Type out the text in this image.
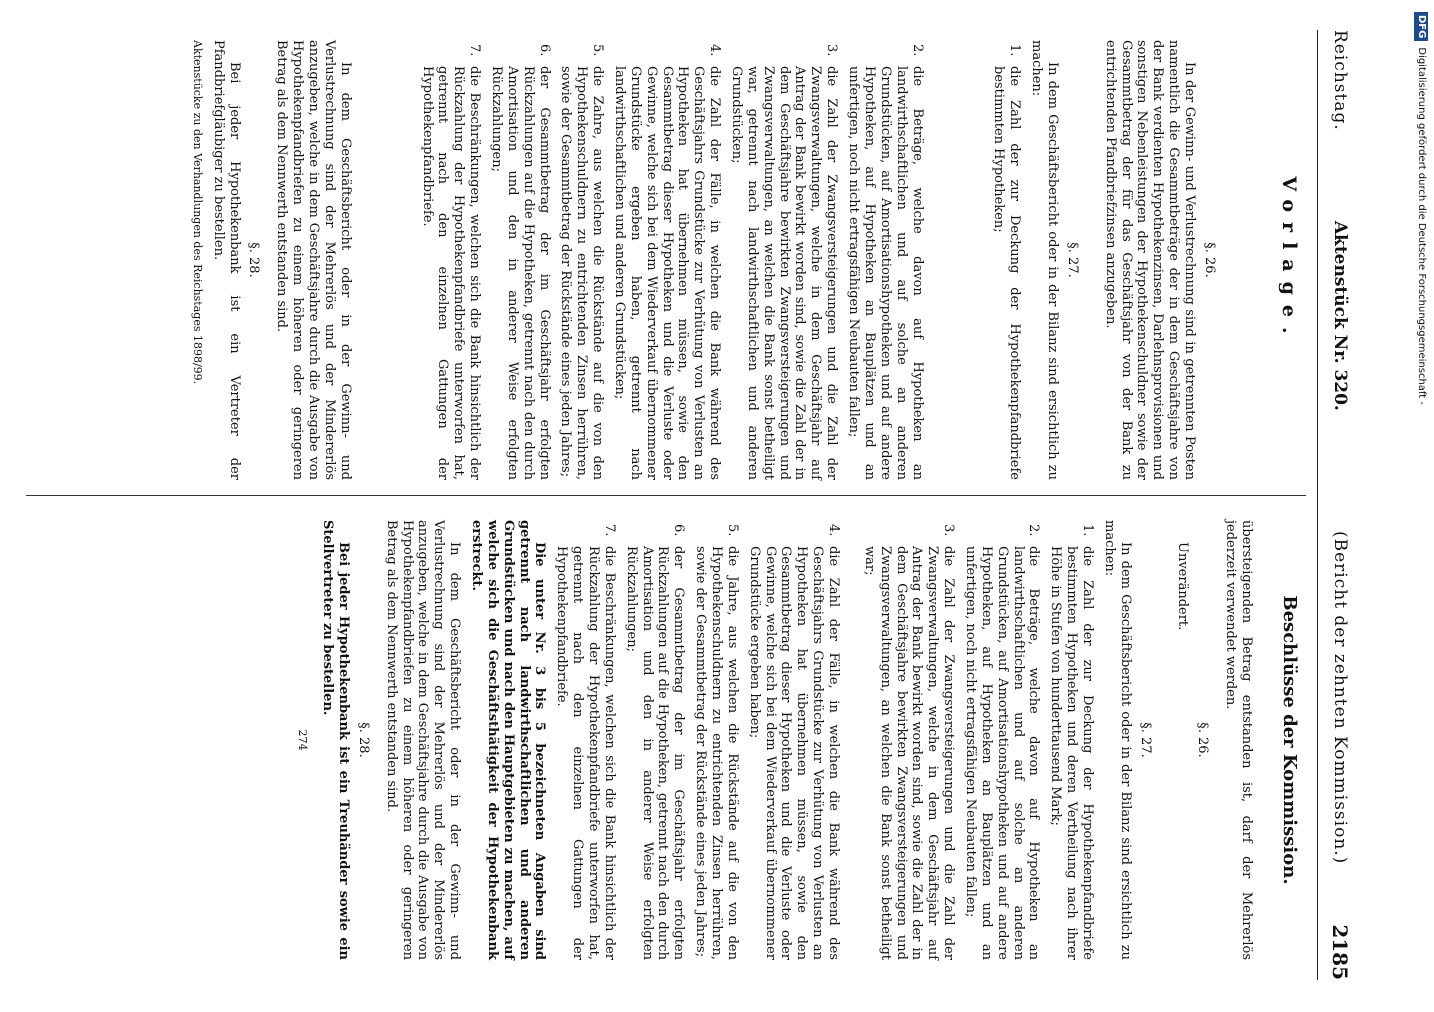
Reichstag.
Aktenstück Nr. 320.
(Bericht der zehnten Kommission.)
2185
Vorlage.
§. 26.

In der Gewinn- und Verlustrechnung sind in getrennten Posten namentlich die Gesammtbeträge der in dem Geschäftsjahre von der Bank verdienten Hypothekenzinsen, Darlehnsprovisionen und sonstigen Nebenleistungen der Hypothekenschuldner sowie der Gesammtbetrag der für das Geschäftsjahr von der Bank zu entrichtenden Pfandbriefzinsen anzugeben.

§. 27.

In dem Geschäftsbericht oder in der Bilanz sind ersichtlich zu machen:

1.die Zahl der zur Deckung der Hypothekenpfandbriefe bestimmten Hypotheken;
2.die Beträge, welche davon auf Hypotheken an landwirthschaftlichen und auf solche an anderen Grundstücken, auf Amortisationshypotheken und auf andere Hypotheken, auf Hypotheken an Bauplätzen und an unfertigen, noch nicht ertragsfähigen Neubauten fallen;
3.die Zahl der Zwangsversteigerungen und die Zahl der Zwangsverwaltungen, welche in dem Geschäftsjahr auf Antrag der Bank bewirkt worden sind, sowie die Zahl der in dem Geschäftsjahre bewirkten Zwangsversteigerungen und Zwangsverwaltungen, an welchen die Bank sonst betheiligt war, getrennt nach landwirthschaftlichen und anderen Grundstücken;
4.die Zahl der Fälle, in welchen die Bank während des Geschäftsjahrs Grundstücke zur Verhütung von Verlusten an Hypotheken hat übernehmen müssen, sowie den Gesammtbetrag dieser Hypotheken und die Verluste oder Gewinne, welche sich bei dem Wiederverkauf übernommener Grundstücke ergeben haben, getrennt nach landwirthschaftlichen und anderen Grundstücken;
5.die Zahre, aus welchen die Rückstände auf die von den Hypothekenschuldnern zu entrichtenden Zinsen herrühren, sowie der Gesammtbetrag der Rückstände eines jeden Jahres;
6.der Gesammtbetrag der im Geschäftsjahr erfolgten Rückzahlungen auf die Hypotheken, getrennt nach den durch Amortisation und den in anderer Weise erfolgten Rückzahlungen;
7.die Beschränkungen, welchen sich die Bank hinsichtlich der Rückzahlung der Hypothekenpfandbriefe unterworfen hat, getrennt nach den einzelnen Gattungen der Hypothekenpfandbriefe.

In dem Geschäftsbericht oder in der Gewinn- und Verlustrechnung sind der Mehrerlös und der Mindererlös anzugeben, welche in dem Geschäftsjahre durch die Ausgabe von Hypothekenpfandbriefen zu einem höheren oder geringeren Betrag als dem Nennwerth entstanden sind.

§. 28.

Bei jeder Hypothekenbank ist ein Vertreter der Pfandbriefgläubiger zu bestellen.

Aktenstücke zu den Verhandlungen des Reichstages 1898/99.
Beschlüsse der Kommission.

übersteigenden Betrag entstanden ist, darf der Mehrerlös jederzeit verwendet werden.

§. 26.

Unverändert.

§. 27.

In dem Geschäftsbericht oder in der Bilanz sind ersichtlich zu machen:

1.die Zahl der zur Deckung der Hypothekenpfandbriefe bestimmten Hypotheken und deren Vertheilung nach ihrer Höhe in Stufen von hunderttausend Mark;
2.die Beträge, welche davon auf Hypotheken an landwirthschaftlichen und auf solche an anderen Grundstücken, auf Amortisationshypotheken und auf andere Hypotheken, auf Hypotheken an Bauplätzen und an unfertigen, noch nicht ertragsfähigen Neubauten fallen;
3.die Zahl der Zwangsversteigerungen und die Zahl der Zwangsverwaltungen, welche in dem Geschäftsjahr auf Antrag der Bank bewirkt worden sind, sowie die Zahl der in dem Geschäftsjahre bewirkten Zwangsversteigerungen und Zwangsverwaltungen, an welchen die Bank sonst betheiligt war;
4.die Zahl der Fälle, in welchen die Bank während des Geschäftsjahrs Grundstücke zur Verhütung von Verlusten an Hypotheken hat übernehmen müssen, sowie den Gesammtbetrag dieser Hypotheken und die Verluste oder Gewinne, welche sich bei dem Wiederverkauf übernommener Grundstücke ergeben haben;
5.die Jahre, aus welchen die Rückstände auf die von den Hypothekenschuldnern zu entrichtenden Zinsen herrühren, sowie der Gesammtbetrag der Rückstände eines jeden Jahres;
6.der Gesammtbetrag der im Geschäftsjahr erfolgten Rückzahlungen auf die Hypotheken, getrennt nach den durch Amortisation und den in anderer Weise erfolgten Rückzahlungen;
7.die Beschränkungen, welchen sich die Bank hinsichtlich der Rückzahlung der Hypothekenpfandbriefe unterworfen hat, getrennt nach den einzelnen Gattungen der Hypothekenpfandbriefe.

Die unter Nr. 3 bis 5 bezeichneten Angaben sind getrennt nach landwirthschaftlichen und anderen Grundstücken und nach den Hauptgebieten zu machen, auf welche sich die Geschäftsthätigkeit der Hypothekenbank erstreckt.

In dem Geschäftsbericht oder in der Gewinn- und Verlustrechnung sind der Mehrerlös und der Mindererlös anzugeben, welche in dem Geschäftsjahre durch die Ausgabe von Hypothekenpfandbriefen zu einem höheren oder geringeren Betrag als dem Nennwerth entstanden sind.

§. 28.

Bei jeder Hypothekenbank ist ein Treuhänder sowie ein Stellvertreter zu bestellen.

274
DFGDigitalisierung gefördert durch die Deutsche Forschungsgemeinschaft -
